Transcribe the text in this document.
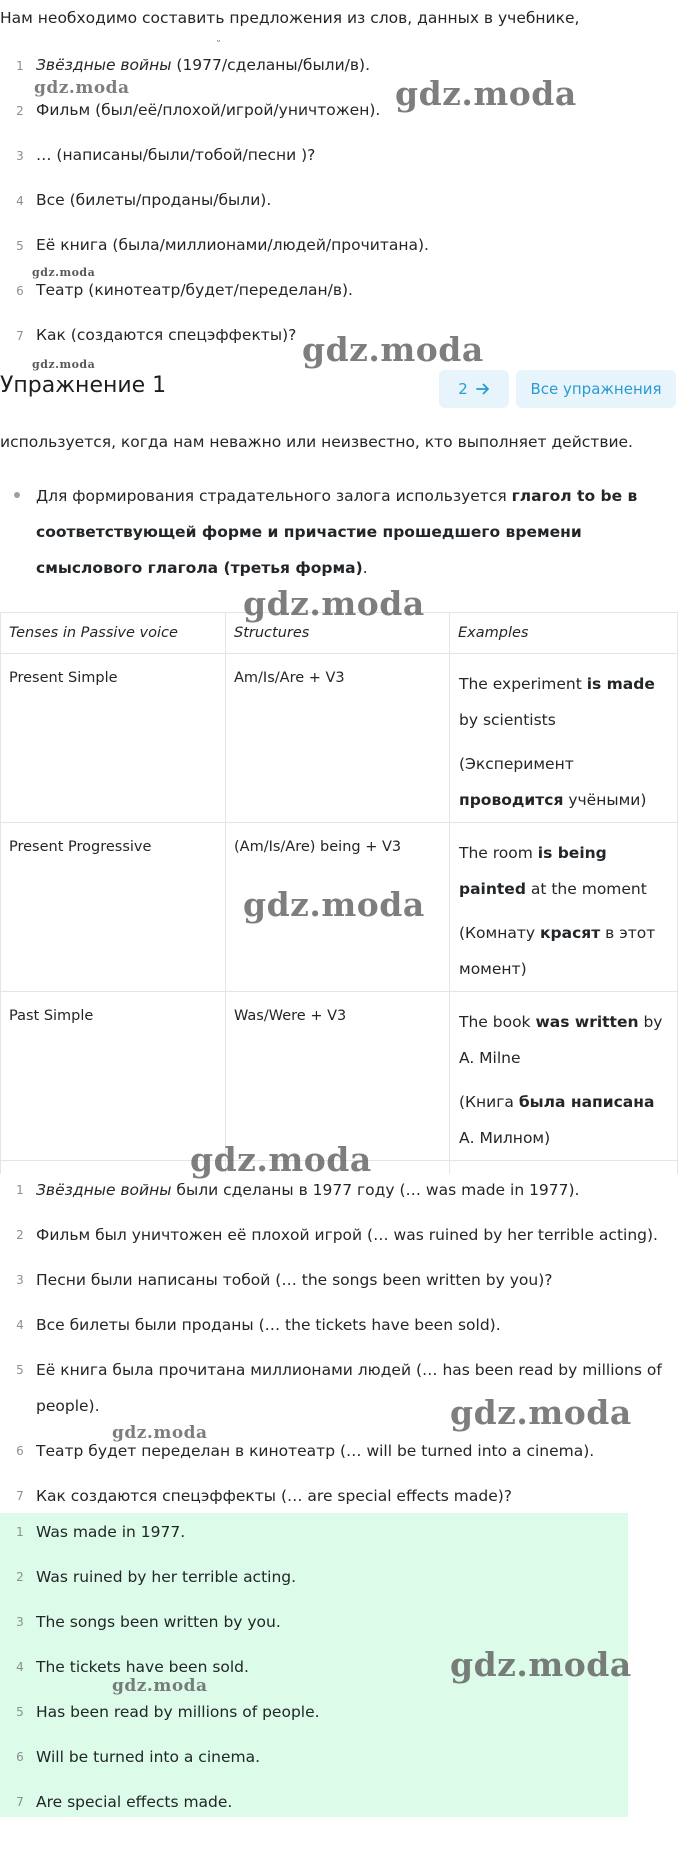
Нам необходимо составить предложения из слов, данных в учебнике,
˘
1 Звёздные войны (1977/сделаны/были/в).
2 Фильм (был/её/плохой/игрой/уничтожен).
3 … (написаны/были/тобой/песни )?
4 Все (билеты/проданы/были).
5 Её книга (была/миллионами/людей/прочитана).
6 Театр (кинотеатр/будет/переделан/в).
7 Как (создаются спецэффекты)?
Упражнение 1	2	Все упражнения
используется, когда нам неважно или неизвестно, кто выполняет действие.
Для формирования страдательного залога используется глагол to be в соответствующей форме и причастие прошедшего времени смыслового глагола (третья форма).
Tenses in Passive voice	Structures	Examples
Present Simple	Am/Is/Are + V3	The experiment is made by scientists
(Эксперимент проводится учёными)

Present Progressive	(Am/Is/Are) being + V3	The room is being painted at the moment
(Комнату красят в этот момент)

Past Simple	Was/Were + V3	The book was written by A. Milne
(Книга была написана А. Милном)

1 Звёздные войны были сделаны в 1977 году (… was made in 1977).
2 Фильм был уничтожен её плохой игрой (… was ruined by her terrible acting).
3 Песни были написаны тобой (… the songs been written by you)?
4 Все билеты были проданы (… the tickets have been sold).
5 Её книга была прочитана миллионами людей (… has been read by millions of people).
6 Театр будет переделан в кинотеатр (… will be turned into a cinema).
7 Как создаются спецэффекты (… are special effects made)?
1 Was made in 1977.
2 Was ruined by her terrible acting.
3 The songs been written by you.
4 The tickets have been sold.
5 Has been read by millions of people.
6 Will be turned into a cinema.
7 Are special effects made.
gdz.moda	gdz.moda
gdz.moda
gdz.moda
gdz.moda
gdz.moda
gdz.moda
gdz.moda
gdz.moda
gdz.moda
gdz.moda
gdz.moda
